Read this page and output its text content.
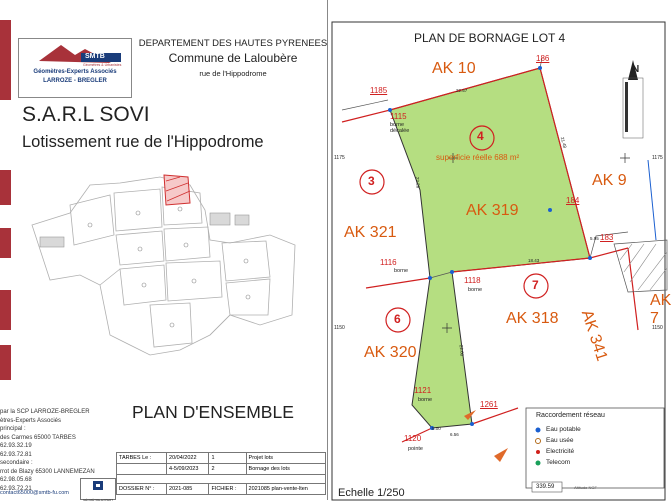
SMTB
Géomètres & Urbanistes
Géomètres-Experts Associés
LARROZE - BREGLER
DEPARTEMENT DES HAUTES PYRENEES
Commune de Laloubère
rue de l'Hippodrome
S.A.R.L SOVI
Lotissement rue de l'Hippodrome
par la SCP LARROZE-BREGLER
ètres-Experts Associés
principal :
des Carmes 65000 TARBES
62.93.32.19
62.93.72.81
secondaire :
rrot de Blazy 65300 LANNEMEZAN
62.98.05.68
62.93.72.21
contact65000@smtb-fu.com
PLAN D'ENSEMBLE
GÉOMÈTRE-EXPERT
TARBES Le :	20/04/2022	1	Projet lots
	4-5/09/2023	2	Bornage des lots

DOSSIER N° :	2021-085	FICHIER :	2021085 plan-vente-lten
PLAN DE BORNAGE LOT 4
N
AK 10
AK 9
AK 319
AK 321
AK 318
AK 320	AK 341
AK 7
4
3
7
6
superficie réelle 688 m²
186
1185
1115
borne décalée
184
183
1116
borne
1118
borne
1121
borne	1261
1120
pointe
1175	1175
1150	1150
22.57
21.48
22.26
18.43
5.95
22.00
5.00
6.56
Raccordement réseau
Eau potable
Eau usée
Electricité
Telecom
Echelle 1/250	339.59	Altitude NGF
